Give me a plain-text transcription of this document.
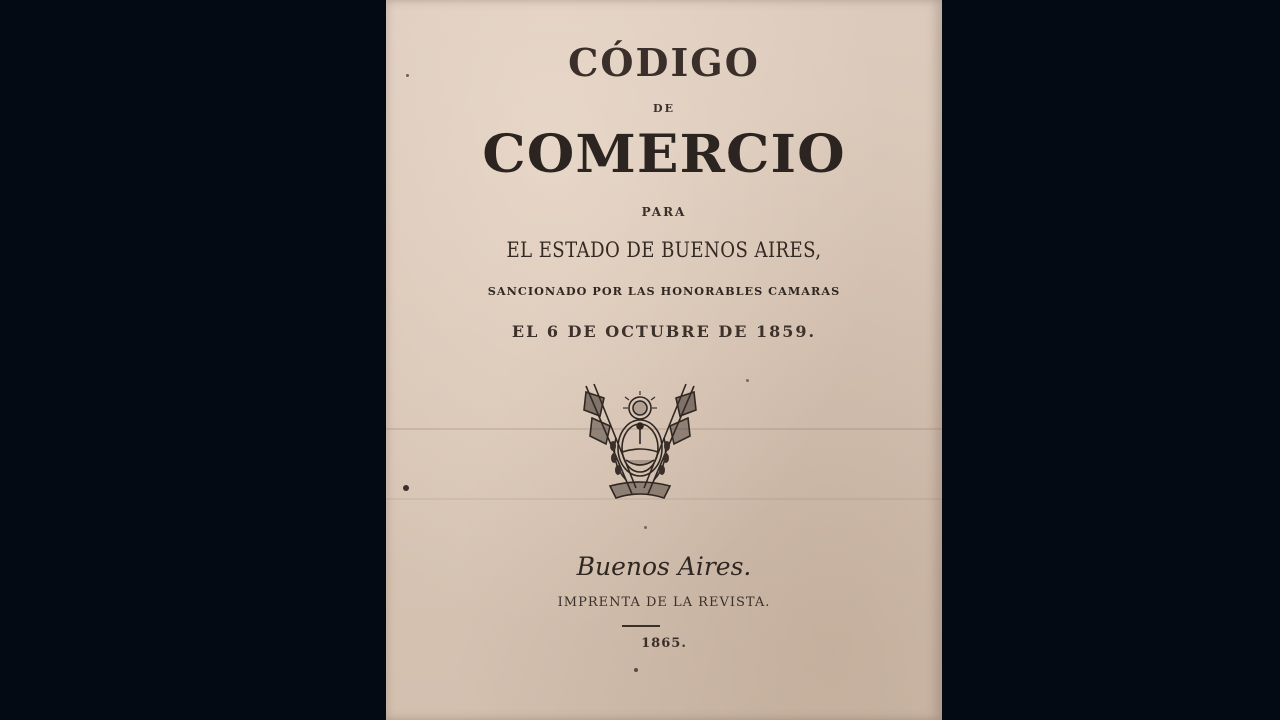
CÓDIGO
DE
COMERCIO
PARA
EL ESTADO DE BUENOS AIRES,
SANCIONADO POR LAS HONORABLES CAMARAS
EL 6 DE OCTUBRE DE 1859.
Buenos Aires.
IMPRENTA DE LA REVISTA.
1865.
